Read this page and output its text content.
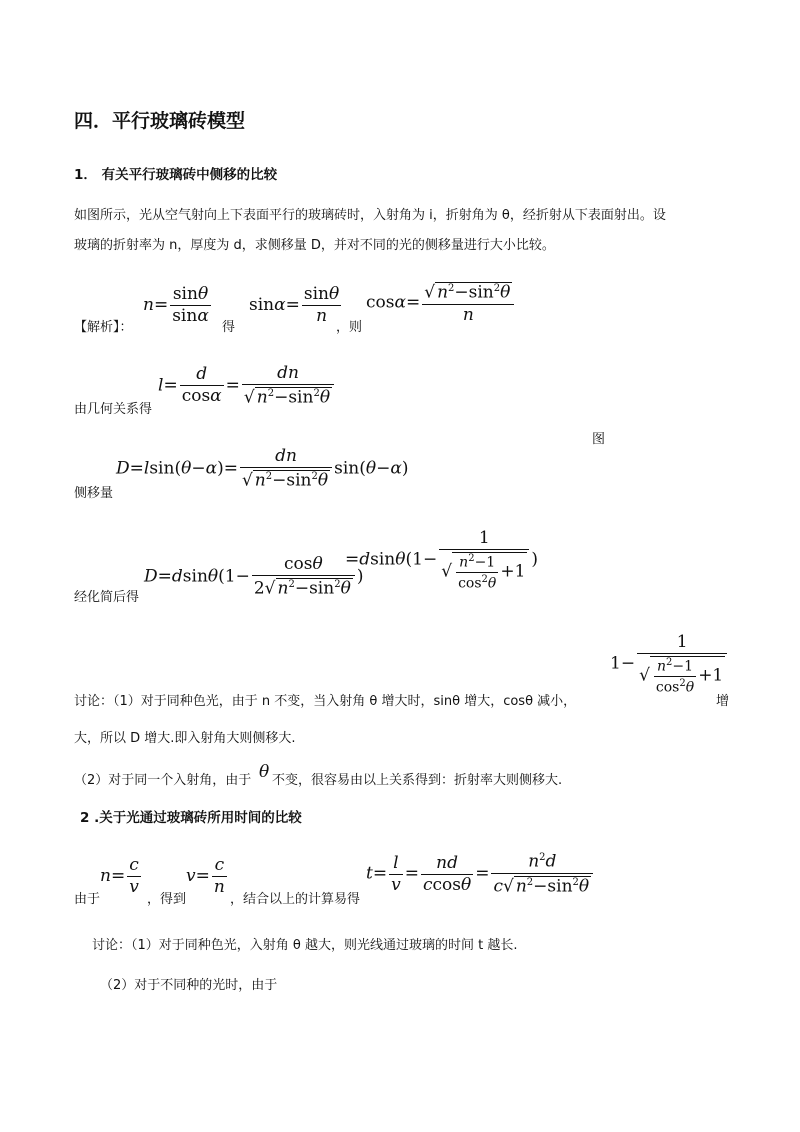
四．平行玻璃砖模型
1． 有关平行玻璃砖中侧移的比较
如图所示，光从空气射向上下表面平行的玻璃砖时，入射角为 i，折射角为 θ，经折射从下表面射出。设
玻璃的折射率为 n，厚度为 d，求侧移量 D，并对不同的光的侧移量进行大小比较。
【解析】：
$n= \frac{\sin\theta}{\sin\alpha}$
得
$\sin\alpha= \frac{\sin\theta}{n}$
，则
$\cos\alpha= \frac{√ n^2-\sin^2\theta}{n}$
$l= \frac{d}{\cos\alpha} = \frac{dn}{√ n^2-\sin^2\theta}$
由几何关系得
图
$D=lsin(\theta-\alpha)= \frac{dn}{√ n^2-\sin^2\theta} \sin(\theta-\alpha)$
侧移量
$D=dsin\theta(1- \frac{\cos\theta}{2√ n^2-\sin^2\theta}$ )
$=dsin\theta(1- \frac{1}{√ \frac{n^2-1}{\cos^2\theta} +1}$ )
经化简后得
$1- \frac{1}{√ \frac{n^2-1}{\cos^2\theta} +1}$
讨论：（1）对于同种色光，由于 n 不变，当入射角 θ 增大时，sinθ 增大，cosθ 减小，	增
大，所以 D 增大.即入射角大则侧移大.
（2）对于同一个入射角，由于 θ 不变，很容易由以上关系得到：折射率大则侧移大.
2 .关于光通过玻璃砖所用时间的比较
由于
$n= \frac{c}{v}$
，得到
$v= \frac{c}{n}$
，结合以上的计算易得
$t= \frac{l}{v} = \frac{nd}{ccos\theta} = \frac{n^2d}{c√ n^2-\sin^2\theta}$
讨论：（1）对于同种色光，入射角 θ 越大，则光线通过玻璃的时间 t 越长.
（2）对于不同种的光时，由于
